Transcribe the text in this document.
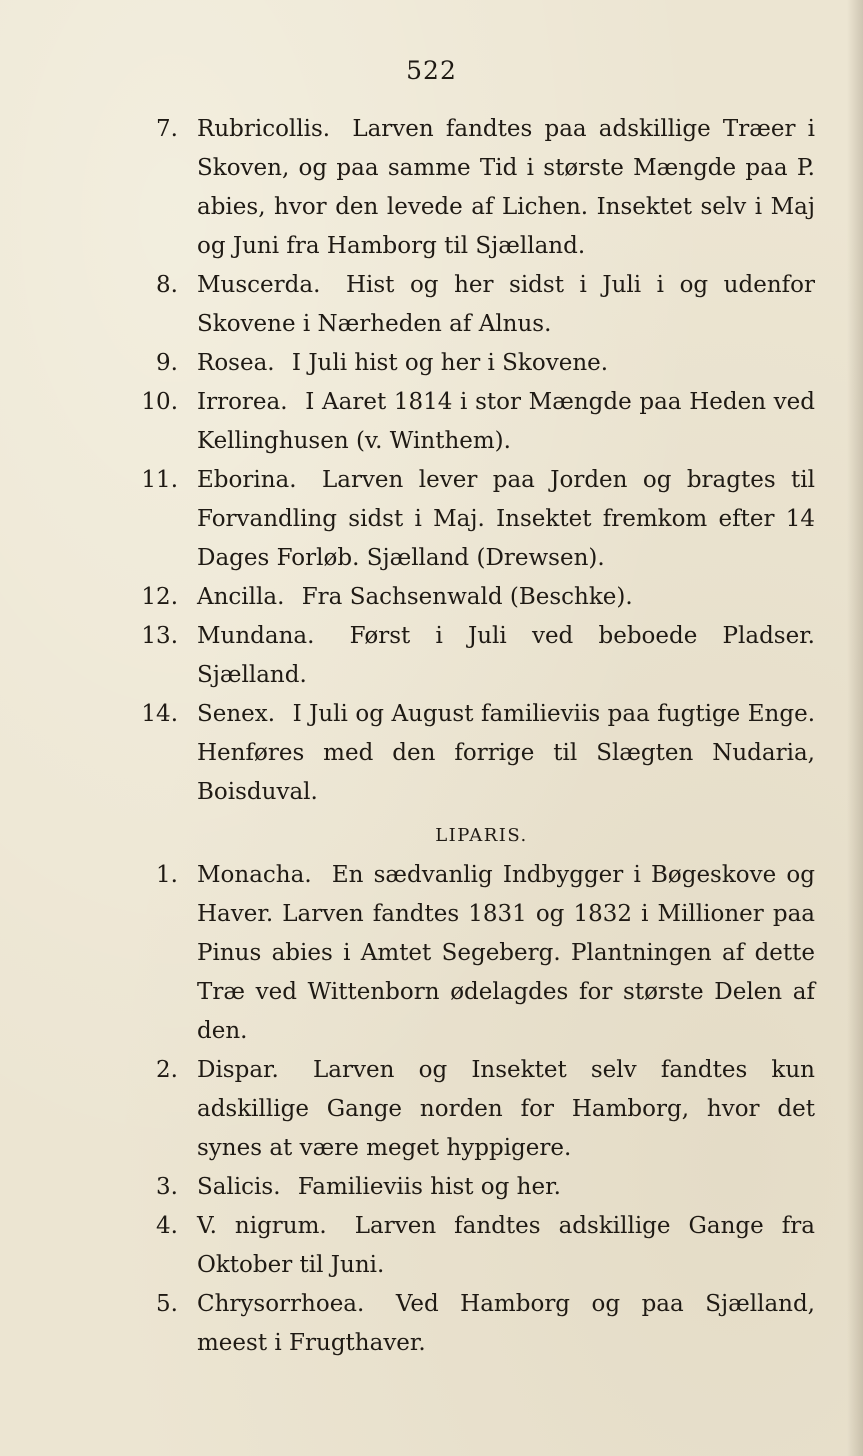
522
7. Rubricollis. Larven fandtes paa adskillige Træer i Skoven, og paa samme Tid i største Mængde paa P. abies, hvor den levede af Lichen. Insektet selv i Maj og Juni fra Hamborg til Sjælland.
8. Muscerda. Hist og her sidst i Juli i og udenfor Skovene i Nærheden af Alnus.
9. Rosea. I Juli hist og her i Skovene.
10. Irrorea. I Aaret 1814 i stor Mængde paa Heden ved Kellinghusen (v. Winthem).
11. Eborina. Larven lever paa Jorden og bragtes til Forvandling sidst i Maj. Insektet fremkom efter 14 Dages Forløb. Sjælland (Drewsen).
12. Ancilla. Fra Sachsenwald (Beschke).
13. Mundana. Først i Juli ved beboede Pladser. Sjælland.
14. Senex. I Juli og August familieviis paa fugtige Enge. Henføres med den forrige til Slægten Nudaria, Boisduval.
LIPARIS.
1. Monacha. En sædvanlig Indbygger i Bøgeskove og Haver. Larven fandtes 1831 og 1832 i Millioner paa Pinus abies i Amtet Segeberg. Plantningen af dette Træ ved Wittenborn ødelagdes for største Delen af den.
2. Dispar. Larven og Insektet selv fandtes kun adskillige Gange norden for Hamborg, hvor det synes at være meget hyppigere.
3. Salicis. Familieviis hist og her.
4. V. nigrum. Larven fandtes adskillige Gange fra Oktober til Juni.
5. Chrysorrhoea. Ved Hamborg og paa Sjælland, meest i Frugthaver.
